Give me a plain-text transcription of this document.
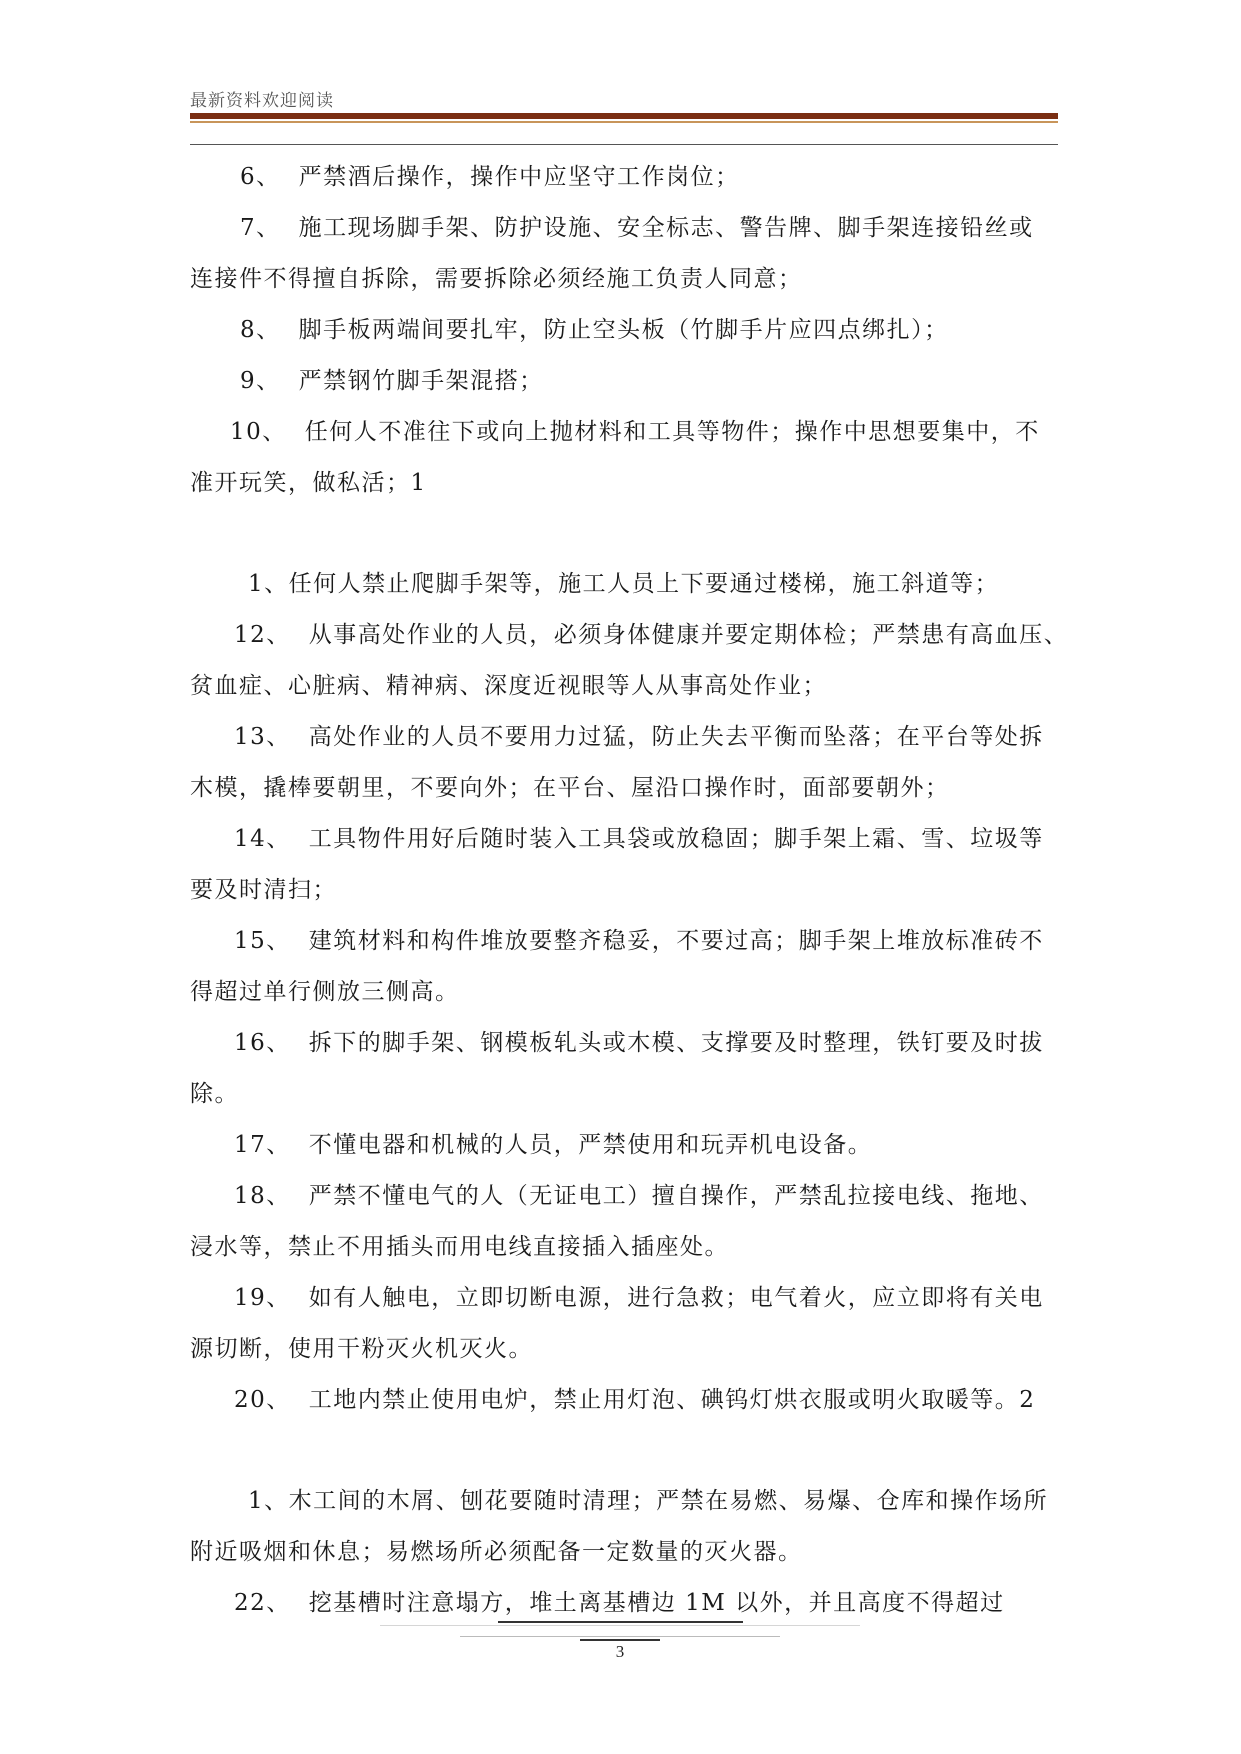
最新资料欢迎阅读
6、 严禁酒后操作，操作中应坚守工作岗位；
7、 施工现场脚手架、防护设施、安全标志、警告牌、脚手架连接铅丝或
连接件不得擅自拆除，需要拆除必须经施工负责人同意；
8、 脚手板两端间要扎牢，防止空头板（竹脚手片应四点绑扎）；
9、 严禁钢竹脚手架混搭；
10、 任何人不准往下或向上抛材料和工具等物件；操作中思想要集中，不
准开玩笑，做私活；1
1、任何人禁止爬脚手架等，施工人员上下要通过楼梯，施工斜道等；
12、 从事高处作业的人员，必须身体健康并要定期体检；严禁患有高血压、
贫血症、心脏病、精神病、深度近视眼等人从事高处作业；
13、 高处作业的人员不要用力过猛，防止失去平衡而坠落；在平台等处拆
木模，撬棒要朝里，不要向外；在平台、屋沿口操作时，面部要朝外；
14、 工具物件用好后随时装入工具袋或放稳固；脚手架上霜、雪、垃圾等
要及时清扫；
15、 建筑材料和构件堆放要整齐稳妥，不要过高；脚手架上堆放标准砖不
得超过单行侧放三侧高。
16、 拆下的脚手架、钢模板轧头或木模、支撑要及时整理，铁钉要及时拔
除。
17、 不懂电器和机械的人员，严禁使用和玩弄机电设备。
18、 严禁不懂电气的人（无证电工）擅自操作，严禁乱拉接电线、拖地、
浸水等，禁止不用插头而用电线直接插入插座处。
19、 如有人触电，立即切断电源，进行急救；电气着火，应立即将有关电
源切断，使用干粉灭火机灭火。
20、 工地内禁止使用电炉，禁止用灯泡、碘钨灯烘衣服或明火取暖等。2
1、木工间的木屑、刨花要随时清理；严禁在易燃、易爆、仓库和操作场所
附近吸烟和休息；易燃场所必须配备一定数量的灭火器。
22、 挖基槽时注意塌方，堆土离基槽边 1M 以外，并且高度不得超过
3
